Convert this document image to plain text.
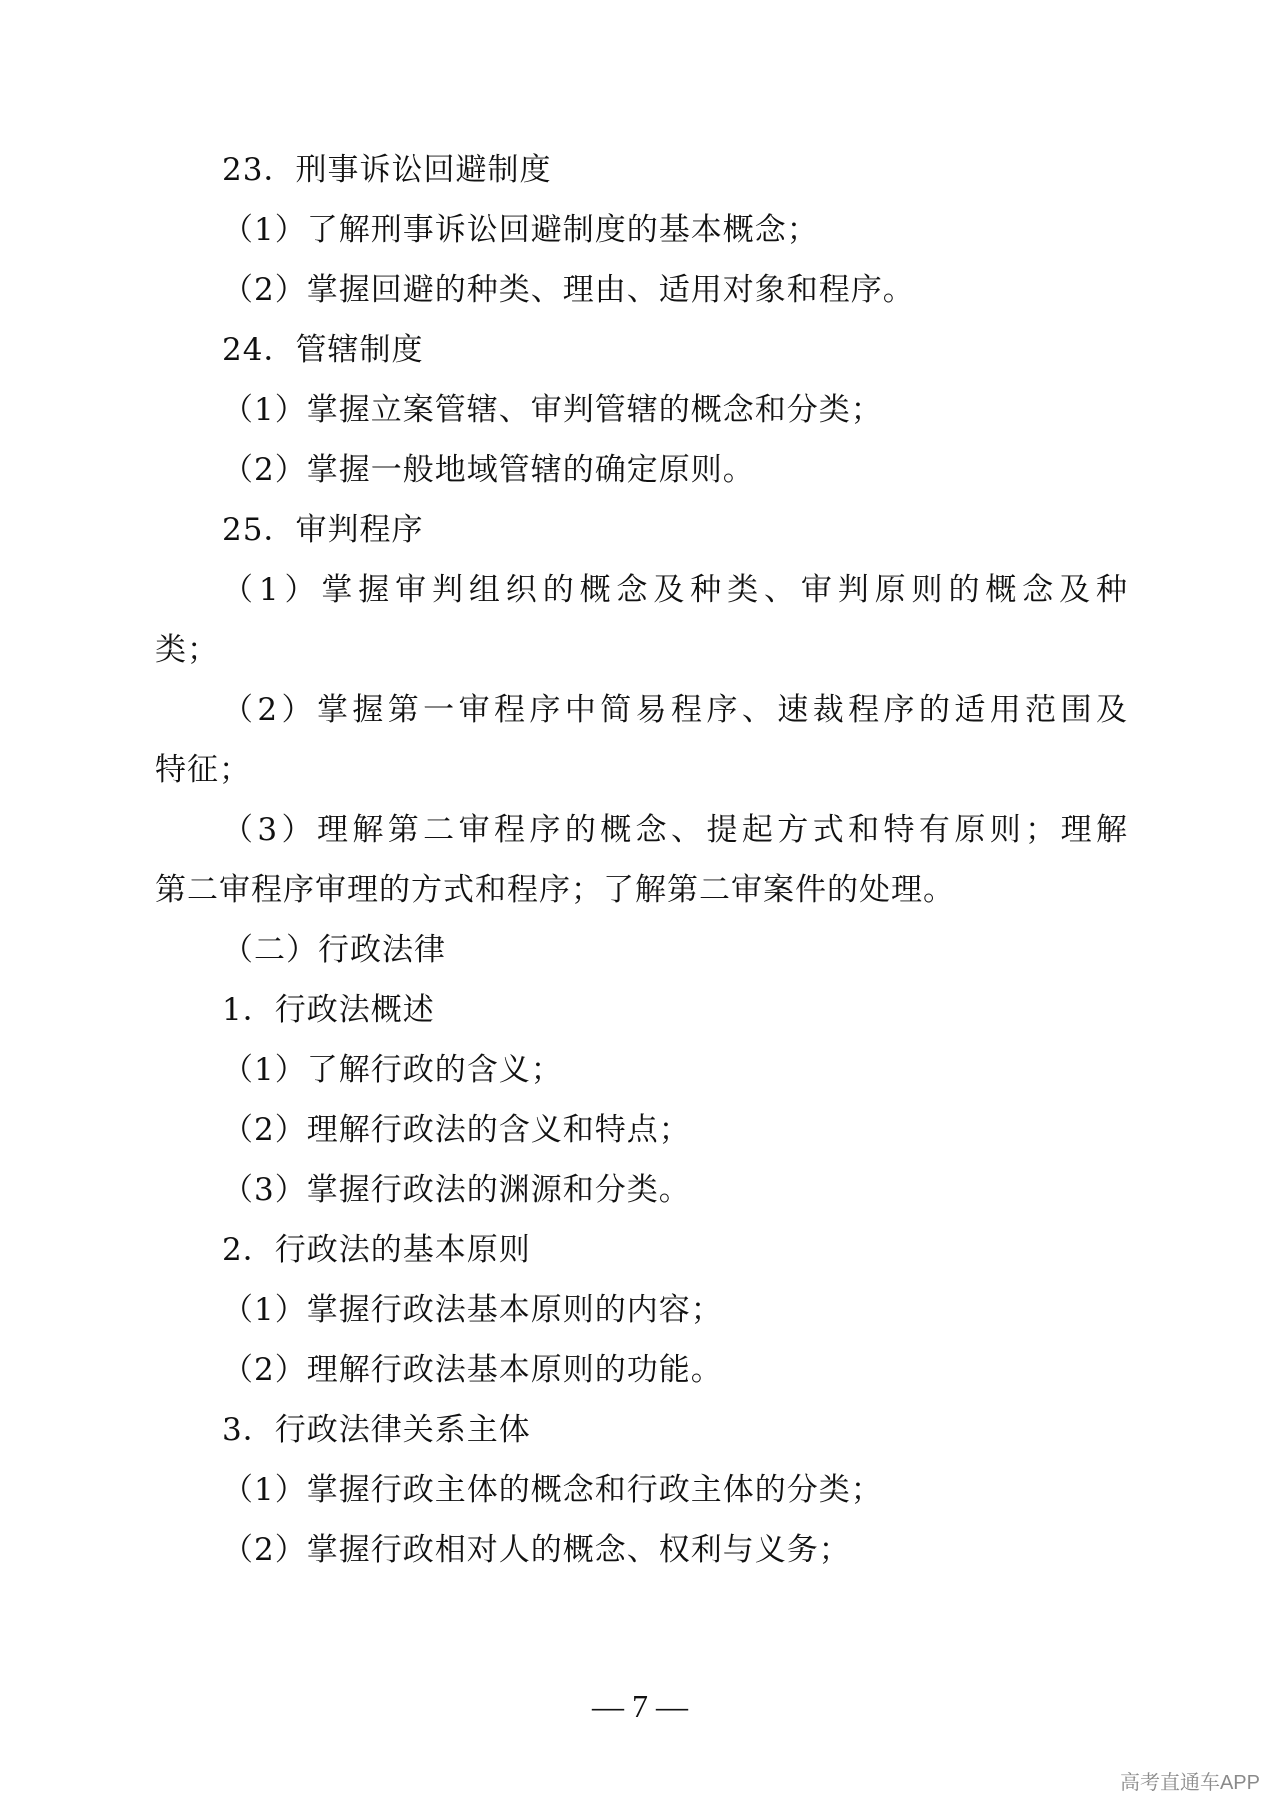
23．刑事诉讼回避制度
（1）了解刑事诉讼回避制度的基本概念；
（2）掌握回避的种类、理由、适用对象和程序。
24．管辖制度
（1）掌握立案管辖、审判管辖的概念和分类；
（2）掌握一般地域管辖的确定原则。
25．审判程序
（1）掌握审判组织的概念及种类、审判原则的概念及种
类；
（2）掌握第一审程序中简易程序、速裁程序的适用范围及
特征；
（3）理解第二审程序的概念、提起方式和特有原则；理解
第二审程序审理的方式和程序；了解第二审案件的处理。
（二）行政法律
1．行政法概述
（1）了解行政的含义；
（2）理解行政法的含义和特点；
（3）掌握行政法的渊源和分类。
2．行政法的基本原则
（1）掌握行政法基本原则的内容；
（2）理解行政法基本原则的功能。
3．行政法律关系主体
（1）掌握行政主体的概念和行政主体的分类；
（2）掌握行政相对人的概念、权利与义务；
— 7 —
高考直通车APP
